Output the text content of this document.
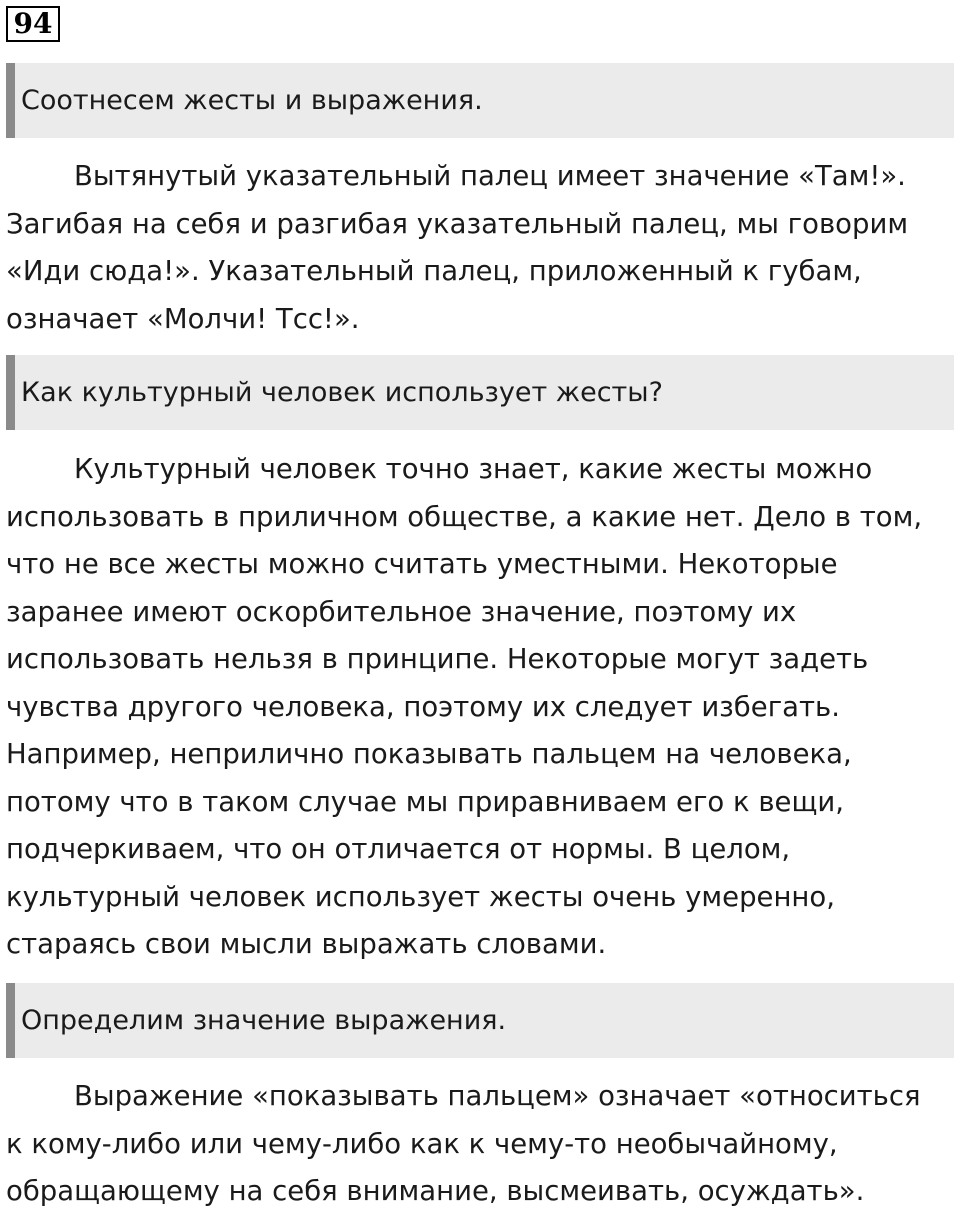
94
Соотнесем жесты и выражения.

Вытянутый указательный палец имеет значение «Там!».
Загибая на себя и разгибая указательный палец, мы говорим
«Иди сюда!». Указательный палец, приложенный к губам,
означает «Молчи! Тсс!».

Как культурный человек использует жесты?

Культурный человек точно знает, какие жесты можно
использовать в приличном обществе, а какие нет. Дело в том,
что не все жесты можно считать уместными. Некоторые
заранее имеют оскорбительное значение, поэтому их
использовать нельзя в принципе. Некоторые могут задеть
чувства другого человека, поэтому их следует избегать.
Например, неприлично показывать пальцем на человека,
потому что в таком случае мы приравниваем его к вещи,
подчеркиваем, что он отличается от нормы. В целом,
культурный человек использует жесты очень умеренно,
стараясь свои мысли выражать словами.

Определим значение выражения.

Выражение «показывать пальцем» означает «относиться
к кому-либо или чему-либо как к чему-то необычайному,
обращающему на себя внимание, высмеивать, осуждать».
